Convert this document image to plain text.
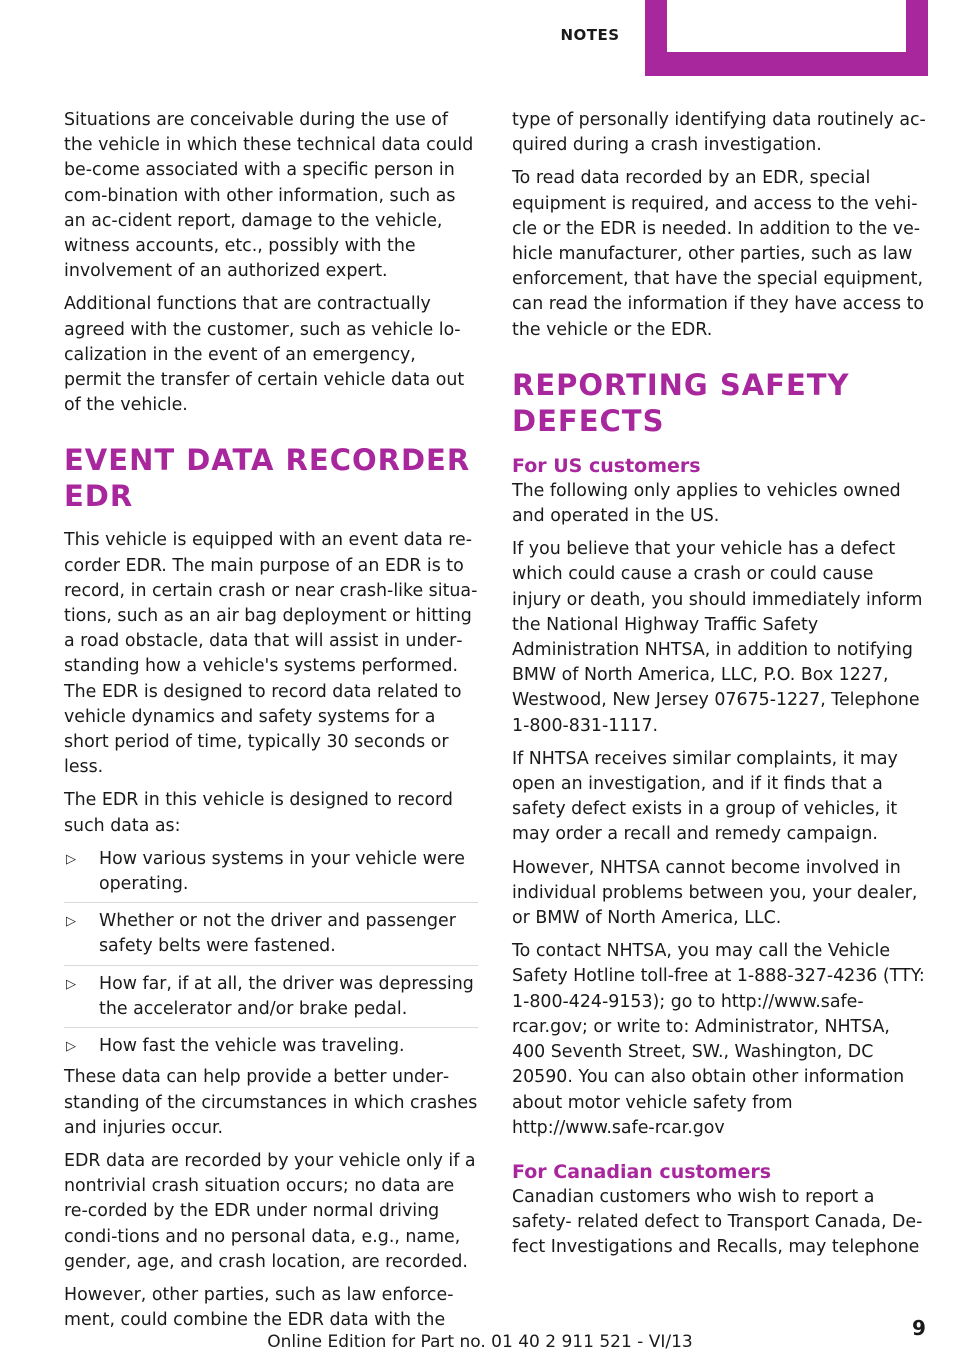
NOTES

Situations are conceivable during the use of the vehicle in which these technical data could be‐come associated with a specific person in com‐bination with other information, such as an ac‐cident report, damage to the vehicle, witness accounts, etc., possibly with the involvement of an authorized expert.

Additional functions that are contractually agreed with the customer, such as vehicle lo‐calization in the event of an emergency, permit the transfer of certain vehicle data out of the vehicle.

EVENT DATA RECORDER EDR

This vehicle is equipped with an event data re‐corder EDR. The main purpose of an EDR is to record, in certain crash or near crash-like situa‐tions, such as an air bag deployment or hitting a road obstacle, data that will assist in under‐standing how a vehicle's systems performed. The EDR is designed to record data related to vehicle dynamics and safety systems for a short period of time, typically 30 seconds or less.

The EDR in this vehicle is designed to record such data as:

▷ How various systems in your vehicle were operating.
▷ Whether or not the driver and passenger safety belts were fastened.
▷ How far, if at all, the driver was depressing the accelerator and/or brake pedal.
▷ How fast the vehicle was traveling.

These data can help provide a better under‐standing of the circumstances in which crashes and injuries occur.

EDR data are recorded by your vehicle only if a nontrivial crash situation occurs; no data are re‐corded by the EDR under normal driving condi‐tions and no personal data, e.g., name, gender, age, and crash location, are recorded.

However, other parties, such as law enforce‐ment, could combine the EDR data with the

type of personally identifying data routinely ac‐quired during a crash investigation.

To read data recorded by an EDR, special equipment is required, and access to the vehi‐cle or the EDR is needed. In addition to the ve‐hicle manufacturer, other parties, such as law enforcement, that have the special equipment, can read the information if they have access to the vehicle or the EDR.

REPORTING SAFETY DEFECTS
For US customers

The following only applies to vehicles owned and operated in the US.

If you believe that your vehicle has a defect which could cause a crash or could cause injury or death, you should immediately inform the National Highway Traffic Safety Administration NHTSA, in addition to notifying BMW of North America, LLC, P.O. Box 1227, Westwood, New Jersey 07675-1227, Telephone 1-800-831-1117.

If NHTSA receives similar complaints, it may open an investigation, and if it finds that a safety defect exists in a group of vehicles, it may order a recall and remedy campaign.

However, NHTSA cannot become involved in individual problems between you, your dealer, or BMW of North America, LLC.

To contact NHTSA, you may call the Vehicle Safety Hotline toll-free at 1-888-327-4236 (TTY: 1-800-424-9153); go to http://www.safe‐rcar.gov; or write to: Administrator, NHTSA, 400 Seventh Street, SW., Washington, DC 20590. You can also obtain other information about motor vehicle safety from http://www.safe‐rcar.gov

For Canadian customers

Canadian customers who wish to report a safety- related defect to Transport Canada, De‐fect Investigations and Recalls, may telephone

Online Edition for Part no. 01 40 2 911 521 - VI/13
9
